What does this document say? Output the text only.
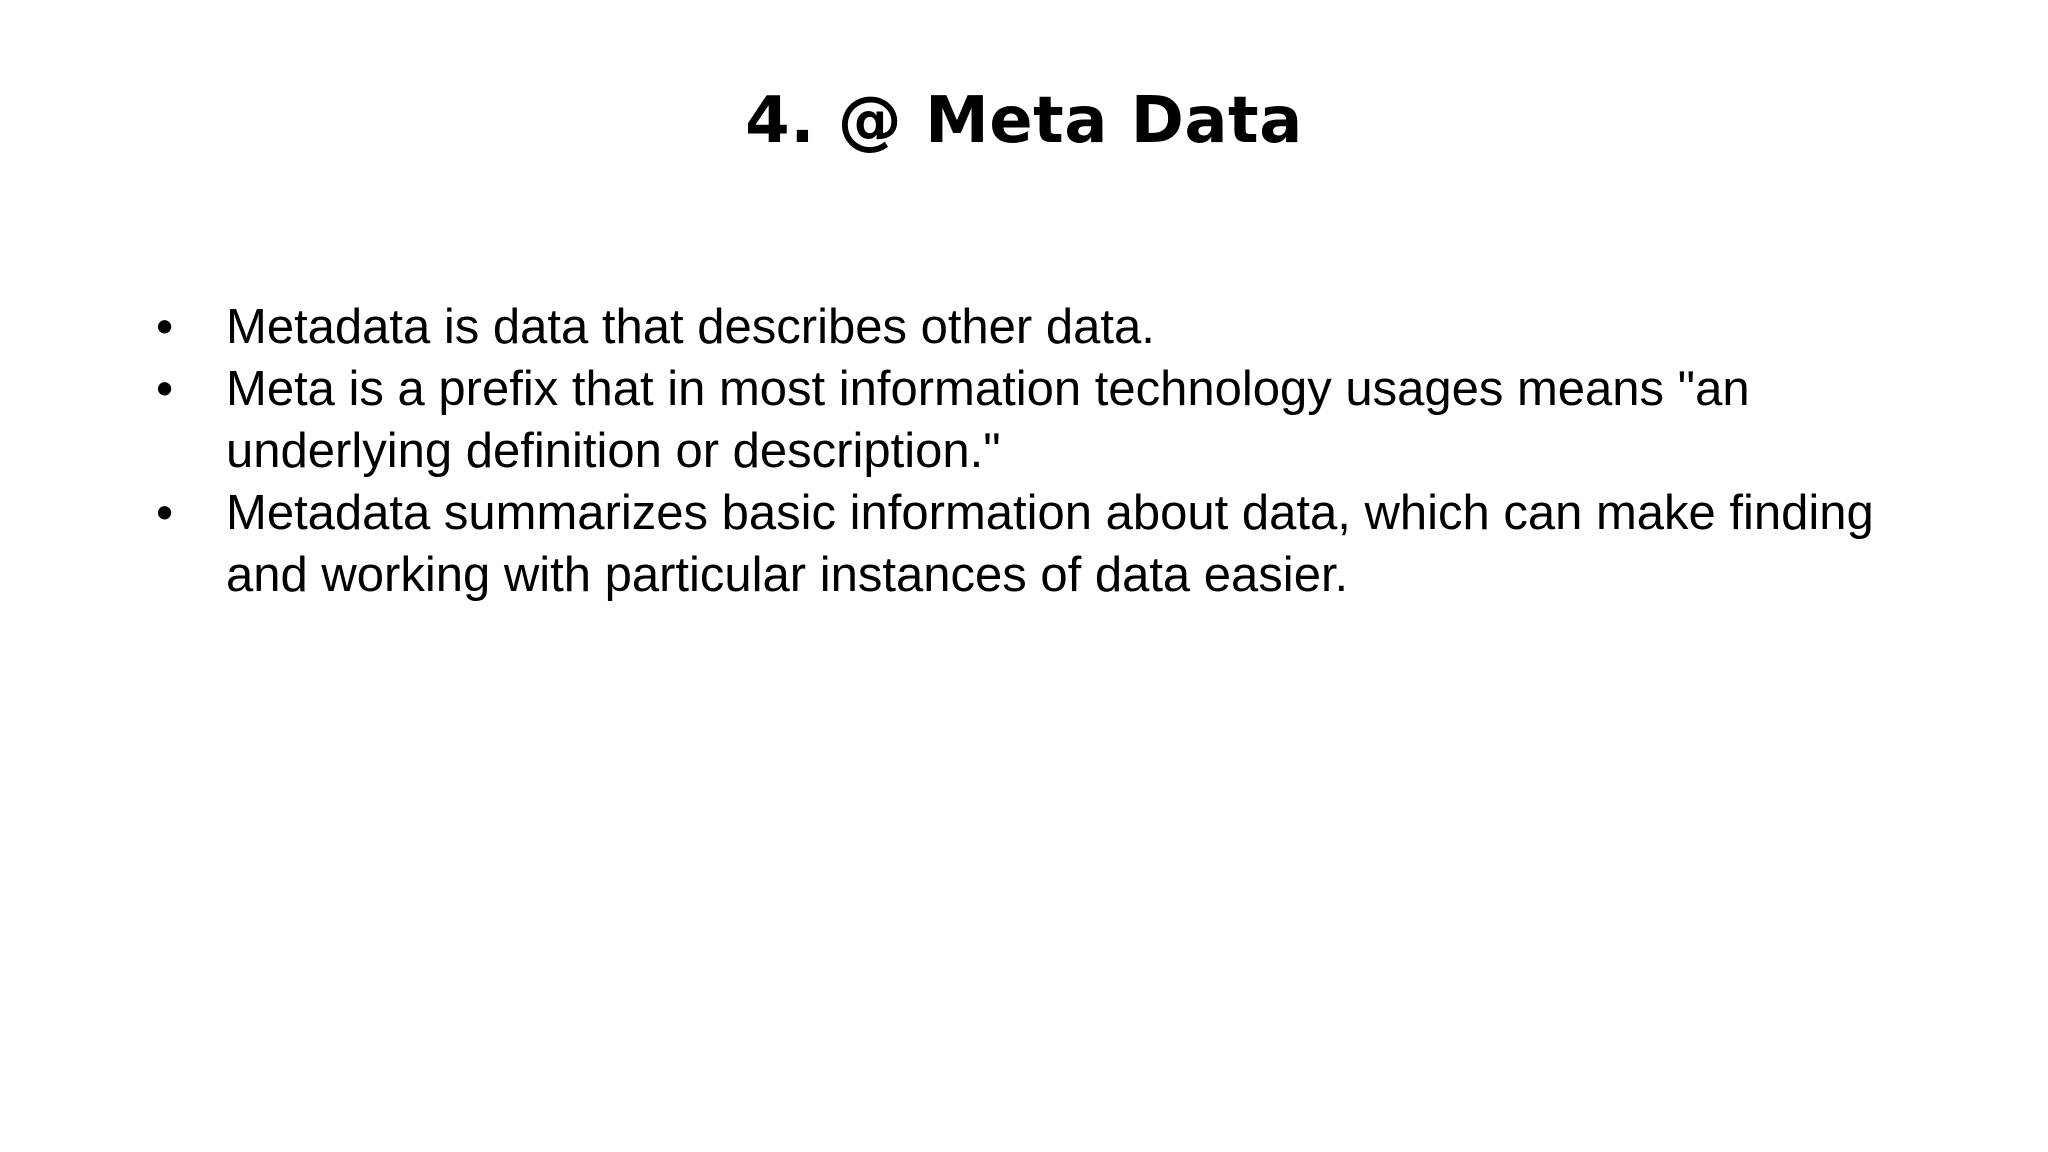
4. @ Meta Data
•	Metadata is data that describes other data.
•	Meta is a prefix that in most information technology usages means "an underlying definition or description."
•	Metadata summarizes basic information about data, which can make finding and working with particular instances of data easier.
